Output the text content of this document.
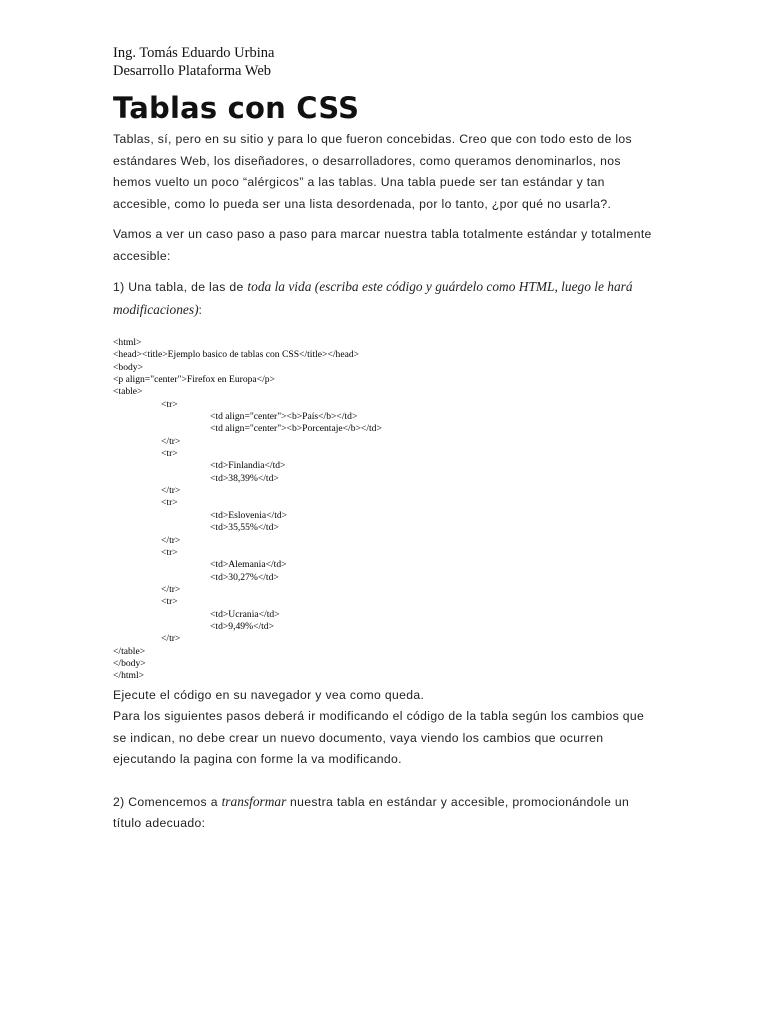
Ing. Tomás Eduardo Urbina
Desarrollo Plataforma Web
Tablas con CSS

Tablas, sí, pero en su sitio y para lo que fueron concebidas. Creo que con todo esto de los estándares Web, los diseñadores, o desarrolladores, como queramos denominarlos, nos hemos vuelto un poco “alérgicos” a las tablas. Una tabla puede ser tan estándar y tan accesible, como lo pueda ser una lista desordenada, por lo tanto, ¿por qué no usarla?.

Vamos a ver un caso paso a paso para marcar nuestra tabla totalmente estándar y totalmente accesible:

1) Una tabla, de las de toda la vida (escriba este código y guárdelo como HTML, luego le hará modificaciones):

<html>
<head><title>Ejemplo basico de tablas con CSS</title></head>
<body>
<p align="center">Firefox en Europa</p>
<table>
<tr>
<td align="center"><b>País</b></td>
<td align="center"><b>Porcentaje</b></td>
</tr>
<tr>
<td>Finlandia</td>
<td>38,39%</td>
</tr>
<tr>
<td>Eslovenia</td>
<td>35,55%</td>
</tr>
<tr>
<td>Alemania</td>
<td>30,27%</td>
</tr>
<tr>
<td>Ucrania</td>
<td>9,49%</td>
</tr>
</table>
</body>
</html>

Ejecute el código en su navegador y vea como queda.

Para los siguientes pasos deberá ir modificando el código de la tabla según los cambios que se indican, no debe crear un nuevo documento, vaya viendo los cambios que ocurren ejecutando la pagina con forme la va modificando.

2) Comencemos a transformar nuestra tabla en estándar y accesible, promocionándole un título adecuado:
